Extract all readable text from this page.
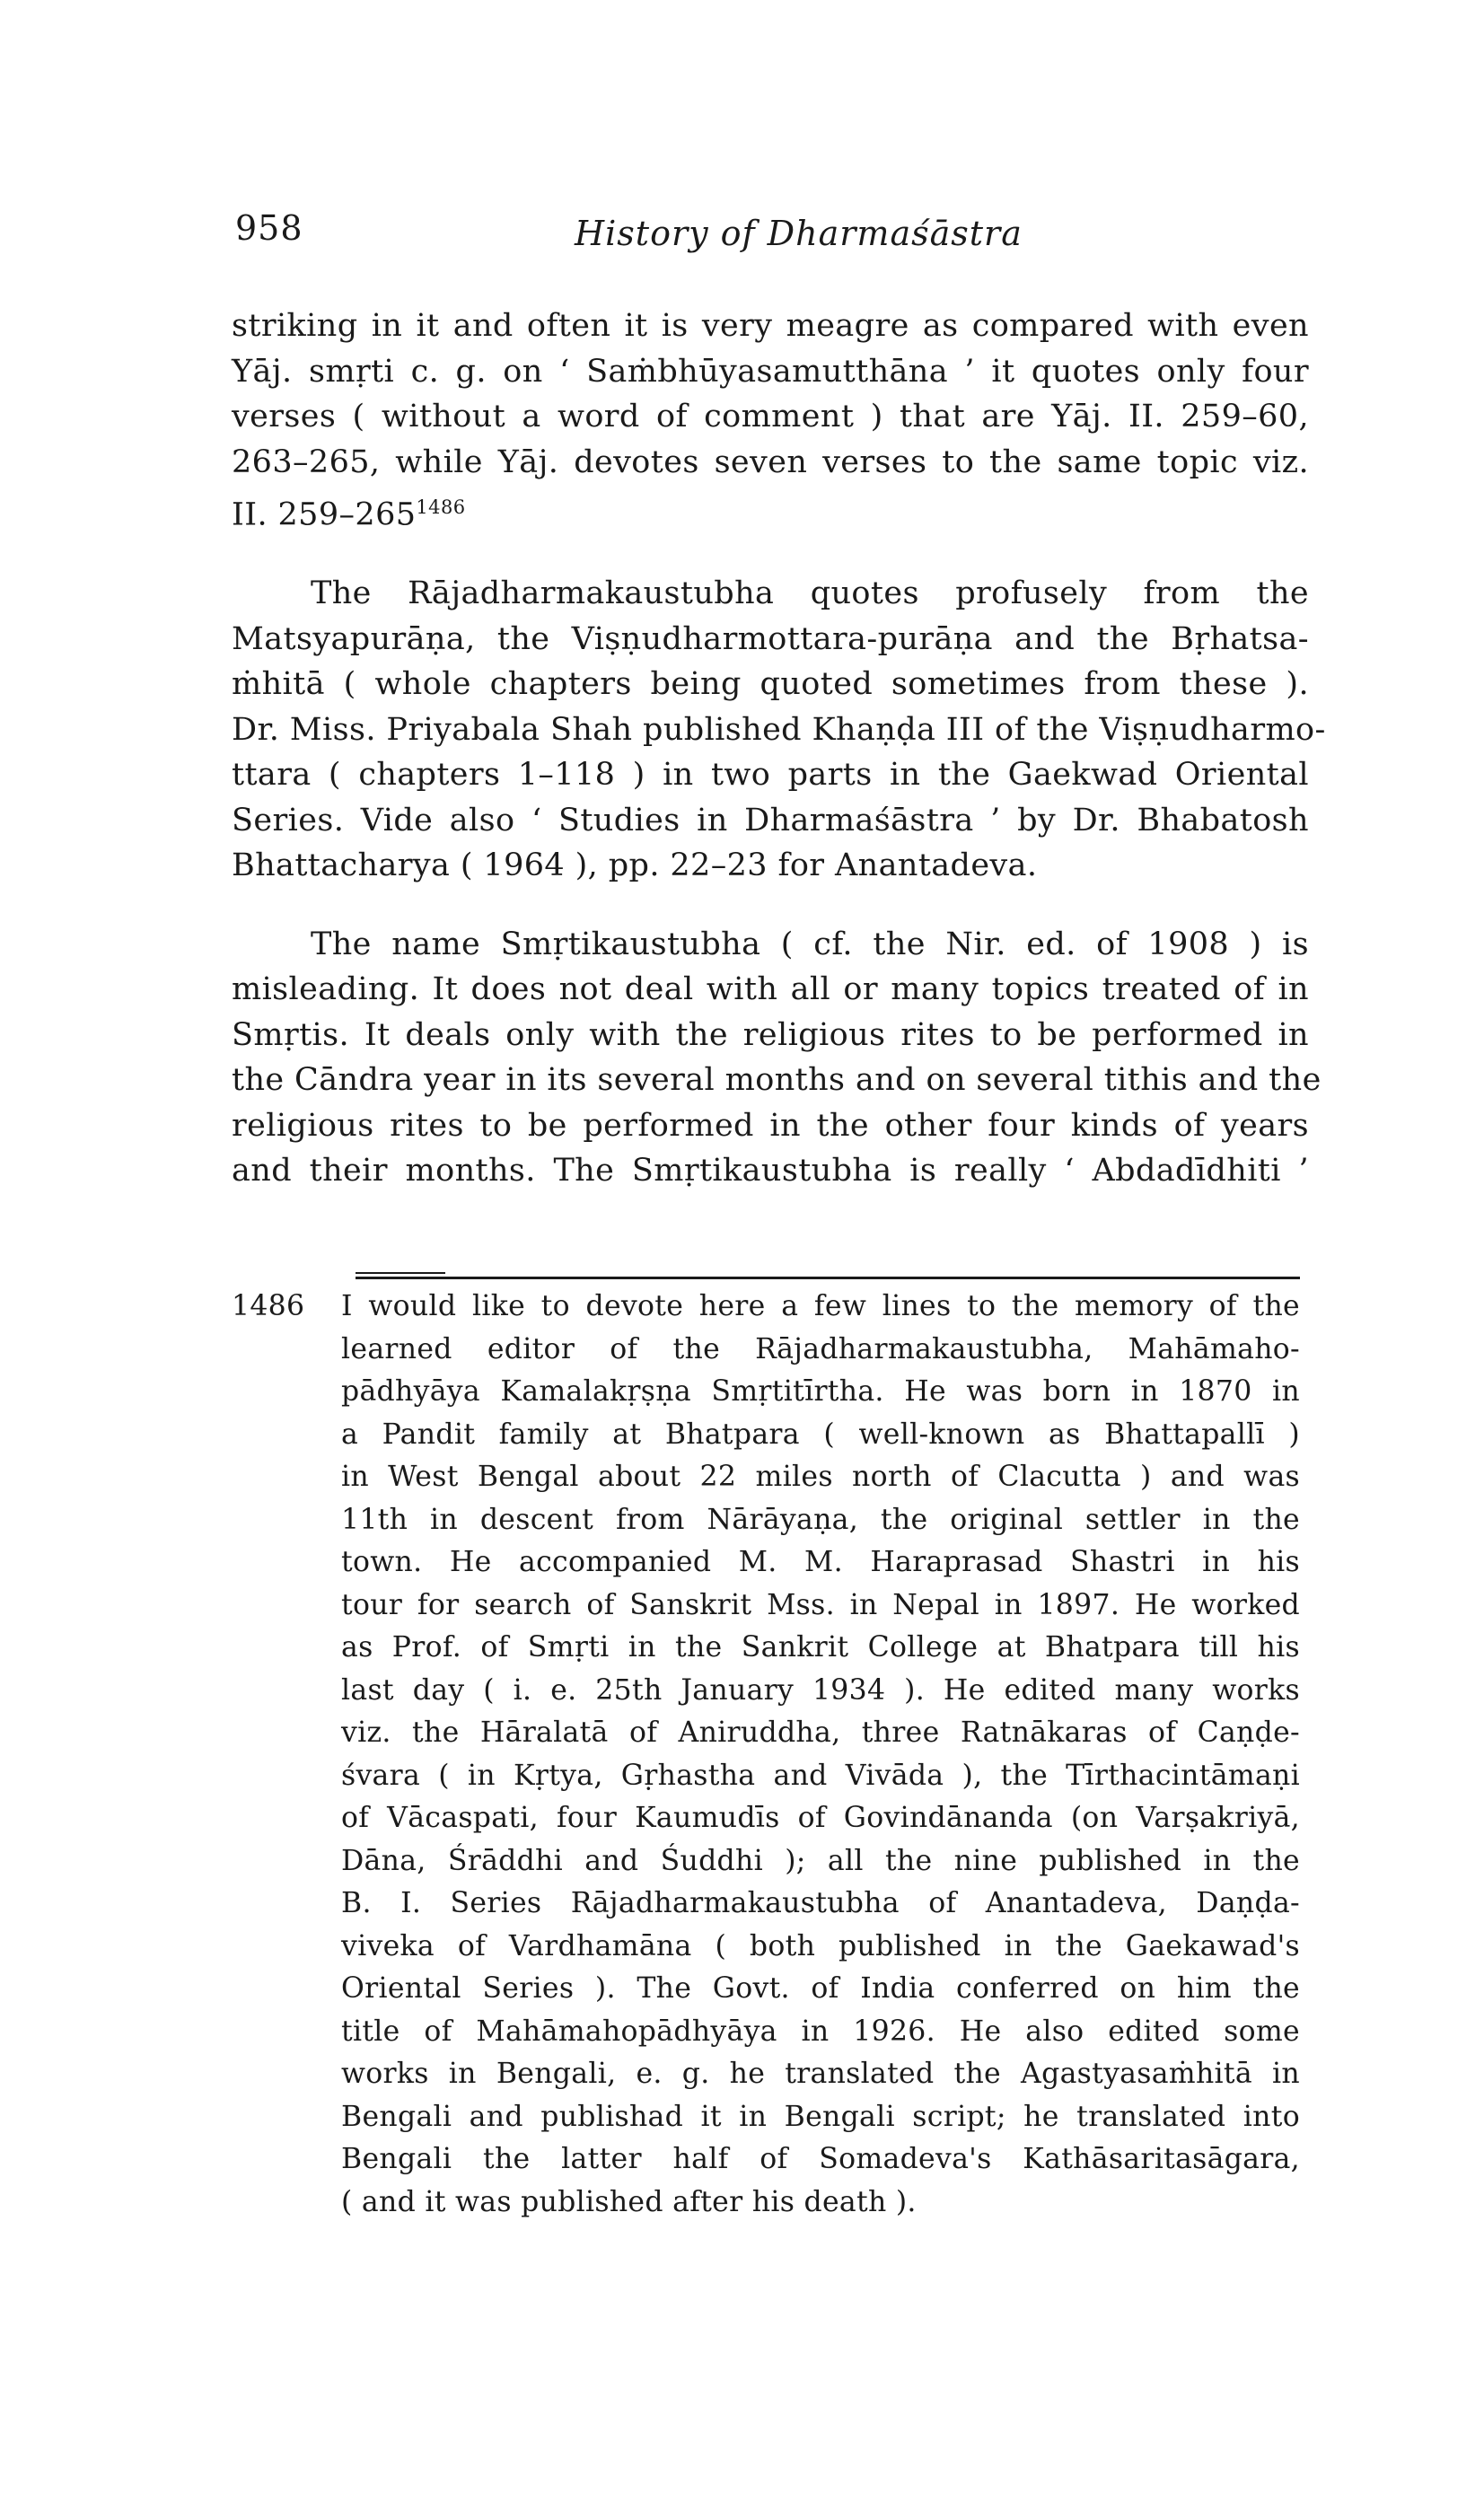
958	History of Dharmaśāstra
striking in it and often it is very meagre as compared with even
Yāj. smṛti c. g. on ‘ Saṁbhūyasamutthāna ’ it quotes only four
verses ( without a word of comment ) that are Yāj. II. 259–60,
263–265, while Yāj. devotes seven verses to the same topic viz.
II. $259-265^{1486}$
The Rājadharmakaustubha quotes profusely from the
Matsyapurāṇa, the Viṣṇudharmottara-purāṇa and the Bṛhatsa-
ṁhitā ( whole chapters being quoted sometimes from these ).
Dr. Miss. Priyabala Shah published Khaṇḍa III of the Viṣṇudharmo-
ttara ( chapters 1–118 ) in two parts in the Gaekwad Oriental
Series. Vide also ‘ Studies in Dharmaśāstra ’ by Dr. Bhabatosh
Bhattacharya ( 1964 ), pp. 22–23 for Anantadeva.
The name Smṛtikaustubha ( cf. the Nir. ed. of 1908 ) is
misleading. It does not deal with all or many topics treated of in
Smṛtis. It deals only with the religious rites to be performed in
the Cāndra year in its several months and on several tithis and the
religious rites to be performed in the other four kinds of years
and their months. The Smṛtikaustubha is really ‘ Abdadīdhiti ’
1486	I would like to devote here a few lines to the memory of the
learned editor of the Rājadharmakaustubha, Mahāmaho-
pādhyāya Kamalakṛṣṇa Smṛtitīrtha. He was born in 1870 in
a Pandit family at Bhatpara ( well-known as Bhattapallī )
in West Bengal about 22 miles north of Clacutta ) and was
11th in descent from Nārāyaṇa, the original settler in the
town. He accompanied M. M. Haraprasad Shastri in his
tour for search of Sanskrit Mss. in Nepal in 1897. He worked
as Prof. of Smṛti in the Sankrit College at Bhatpara till his
last day ( i. e. 25th January 1934 ). He edited many works
viz. the Hāralatā of Aniruddha, three Ratnākaras of Caṇḍe-
śvara ( in Kṛtya, Gṛhastha and Vivāda ), the Tīrthacintāmaṇi
of Vācaspati, four Kaumudīs of Govindānanda (on Varṣakriyā,
Dāna, Śrāddhi and Śuddhi ); all the nine published in the
B. I. Series Rājadharmakaustubha of Anantadeva, Daṇḍa-
viveka of Vardhamāna ( both published in the Gaekawad's
Oriental Series ). The Govt. of India conferred on him the
title of Mahāmahopādhyāya in 1926. He also edited some
works in Bengali, e. g. he translated the Agastyasaṁhitā in
Bengali and publishad it in Bengali script; he translated into
Bengali the latter half of Somadeva's Kathāsaritasāgara,
( and it was published after his death ).
